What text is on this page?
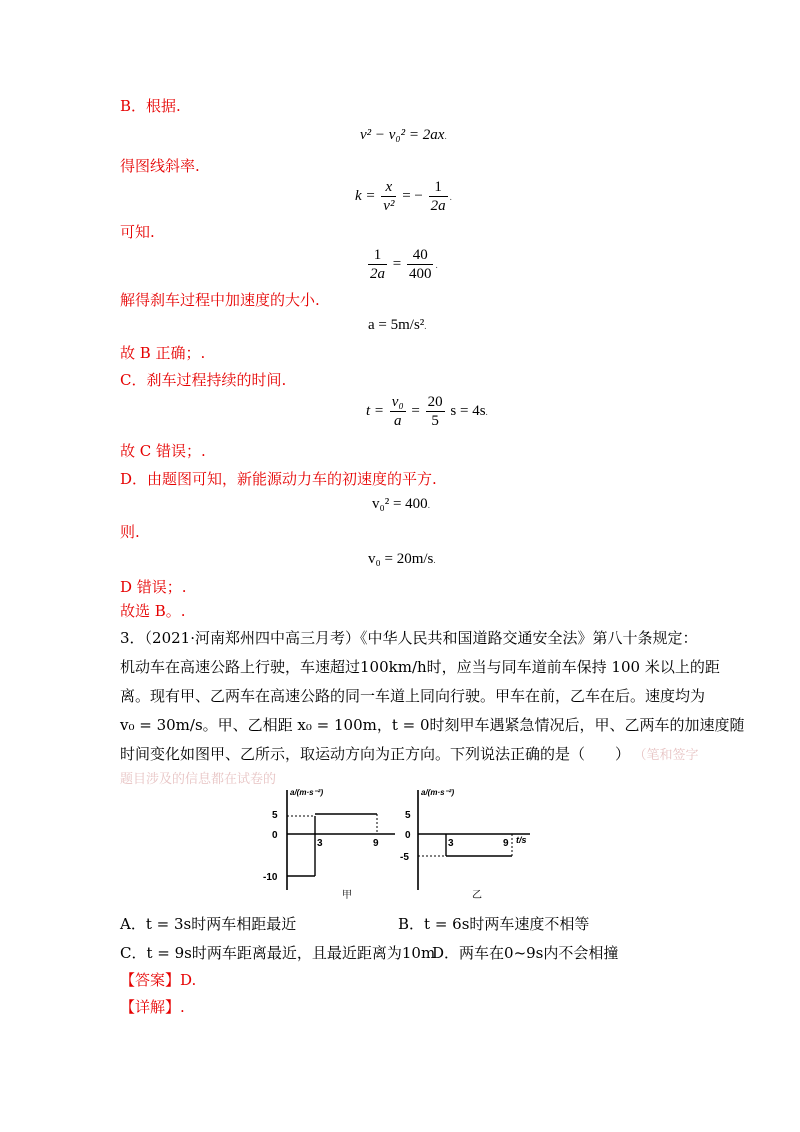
B．根据.
v² − v₀² = 2ax.
得图线斜率.
$k = \frac{x}{\text{v²}}$ = − $\frac{1}{2a}$ .
可知.
$\frac{1}{2a} = \frac{40}{400}$ .
解得刹车过程中加速度的大小.
a = 5m/s².
故 B 正确；.
C．刹车过程持续的时间.
$t = \frac{\text{v₀}}{a} = \frac{20}{5}$ s = 4s.
故 C 错误；.
D．由题图可知，新能源动力车的初速度的平方.
v₀² = 400.
则.
v₀ = 20m/s.
D 错误；.
故选 B。.
3．（2021·河南郑州四中高三月考）《中华人民共和国道路交通安全法》第八十条规定：
机动车在高速公路上行驶，车速超过100km/h时，应当与同车道前车保持 100 米以上的距
离。现有甲、乙两车在高速公路的同一车道上同向行驶。甲车在前，乙车在后。速度均为
v₀ = 30m/s。甲、乙相距 x₀ = 100m，t = 0时刻甲车遇紧急情况后，甲、乙两车的加速度随
时间变化如图甲、乙所示，取运动方向为正方向。下列说法正确的是（　　） （笔和签字
题目涉及的信息都在试卷的
a/(m·s⁻²)
5
0
-10
3	9
甲
a/(m·s⁻²)
5
0
-5
3	9 t/s
乙
A．t = 3s时两车相距最近	B．t = 6s时两车速度不相等
C．t = 9s时两车距离最近，且最近距离为10m
D．两车在0~9s内不会相撞
【答案】D.
【详解】.
